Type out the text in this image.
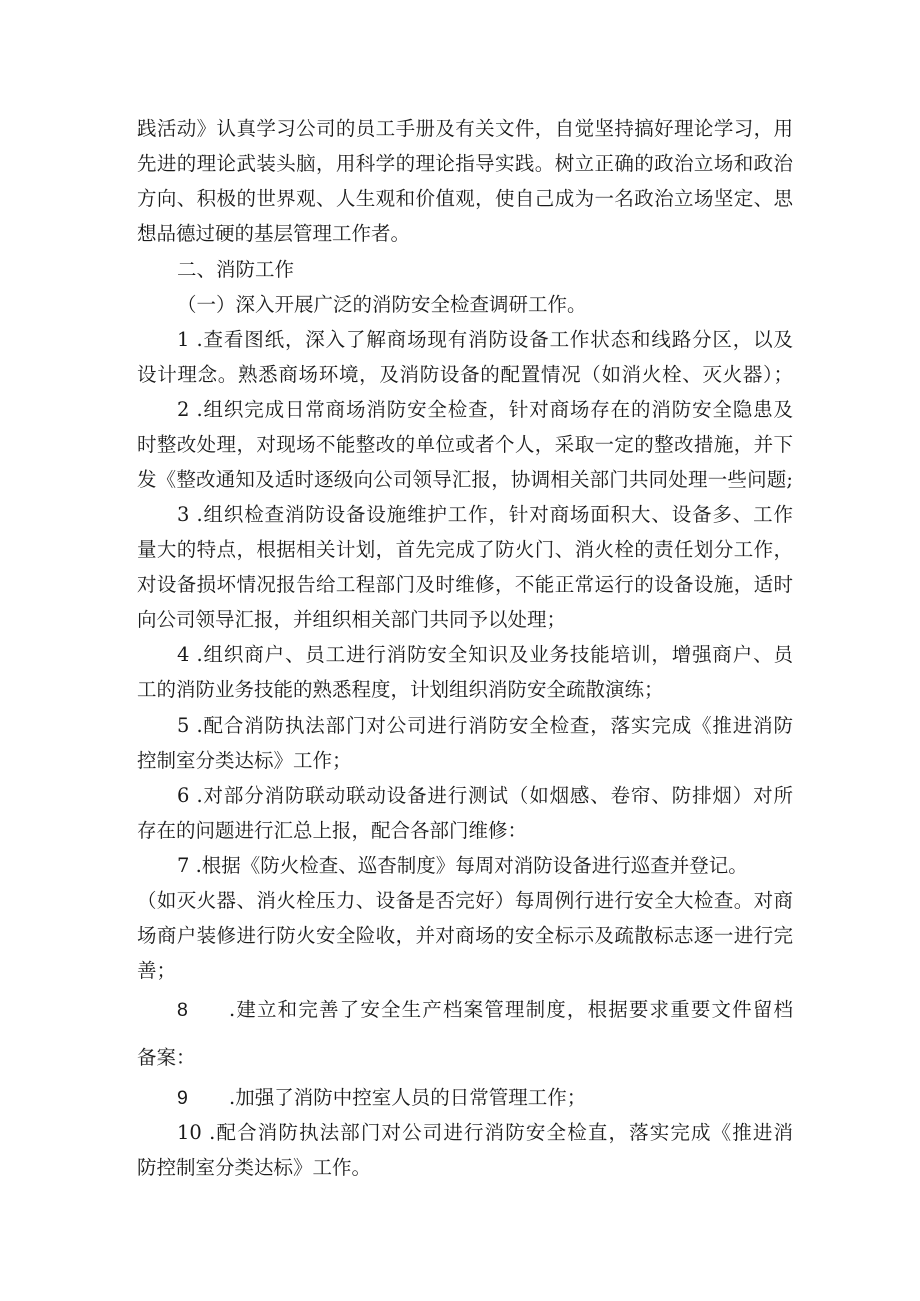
践活动》认真学习公司的员工手册及有关文件，自觉坚持搞好理论学习，用
先进的理论武装头脑，用科学的理论指导实践。树立正确的政治立场和政治
方向、积极的世界观、人生观和价值观，使自己成为一名政治立场坚定、思
想品德过硬的基层管理工作者。
二、消防工作
（一）深入开展广泛的消防安全检查调研工作。
1 .查看图纸，深入了解商场现有消防设备工作状态和线路分区，以及
设计理念。熟悉商场环境，及消防设备的配置情况（如消火栓、灭火器）；
2 .组织完成日常商场消防安全检查，针对商场存在的消防安全隐患及
时整改处理，对现场不能整改的单位或者个人，采取一定的整改措施，并下
发《整改通知及适时逐级向公司领导汇报，协调相关部门共同处理一些问题;
3 .组织检查消防设备设施维护工作，针对商场面积大、设备多、工作
量大的特点，根据相关计划，首先完成了防火门、消火栓的责任划分工作，
对设备损坏情况报告给工程部门及时维修，不能正常运行的设备设施，适时
向公司领导汇报，并组织相关部门共同予以处理；
4 .组织商户、员工进行消防安全知识及业务技能培训，增强商户、员
工的消防业务技能的熟悉程度，计划组织消防安全疏散演练；
5 .配合消防执法部门对公司进行消防安全检查，落实完成《推进消防
控制室分类达标》工作；
6 .对部分消防联动联动设备进行测试（如烟感、卷帘、防排烟）对所
存在的问题进行汇总上报，配合各部门维修：
7 .根据《防火检查、巡杳制度》每周对消防设备进行巡查并登记。
（如灭火器、消火栓压力、设备是否完好）每周例行进行安全大检查。对商
场商户装修进行防火安全险收，并对商场的安全标示及疏散标志逐一进行完
善；
8	.建立和完善了安全生产档案管理制度，根据要求重要文件留档
备案：
9	.加强了消防中控室人员的日常管理工作；
10 .配合消防执法部门对公司进行消防安全检直，落实完成《推进消
防控制室分类达标》工作。
